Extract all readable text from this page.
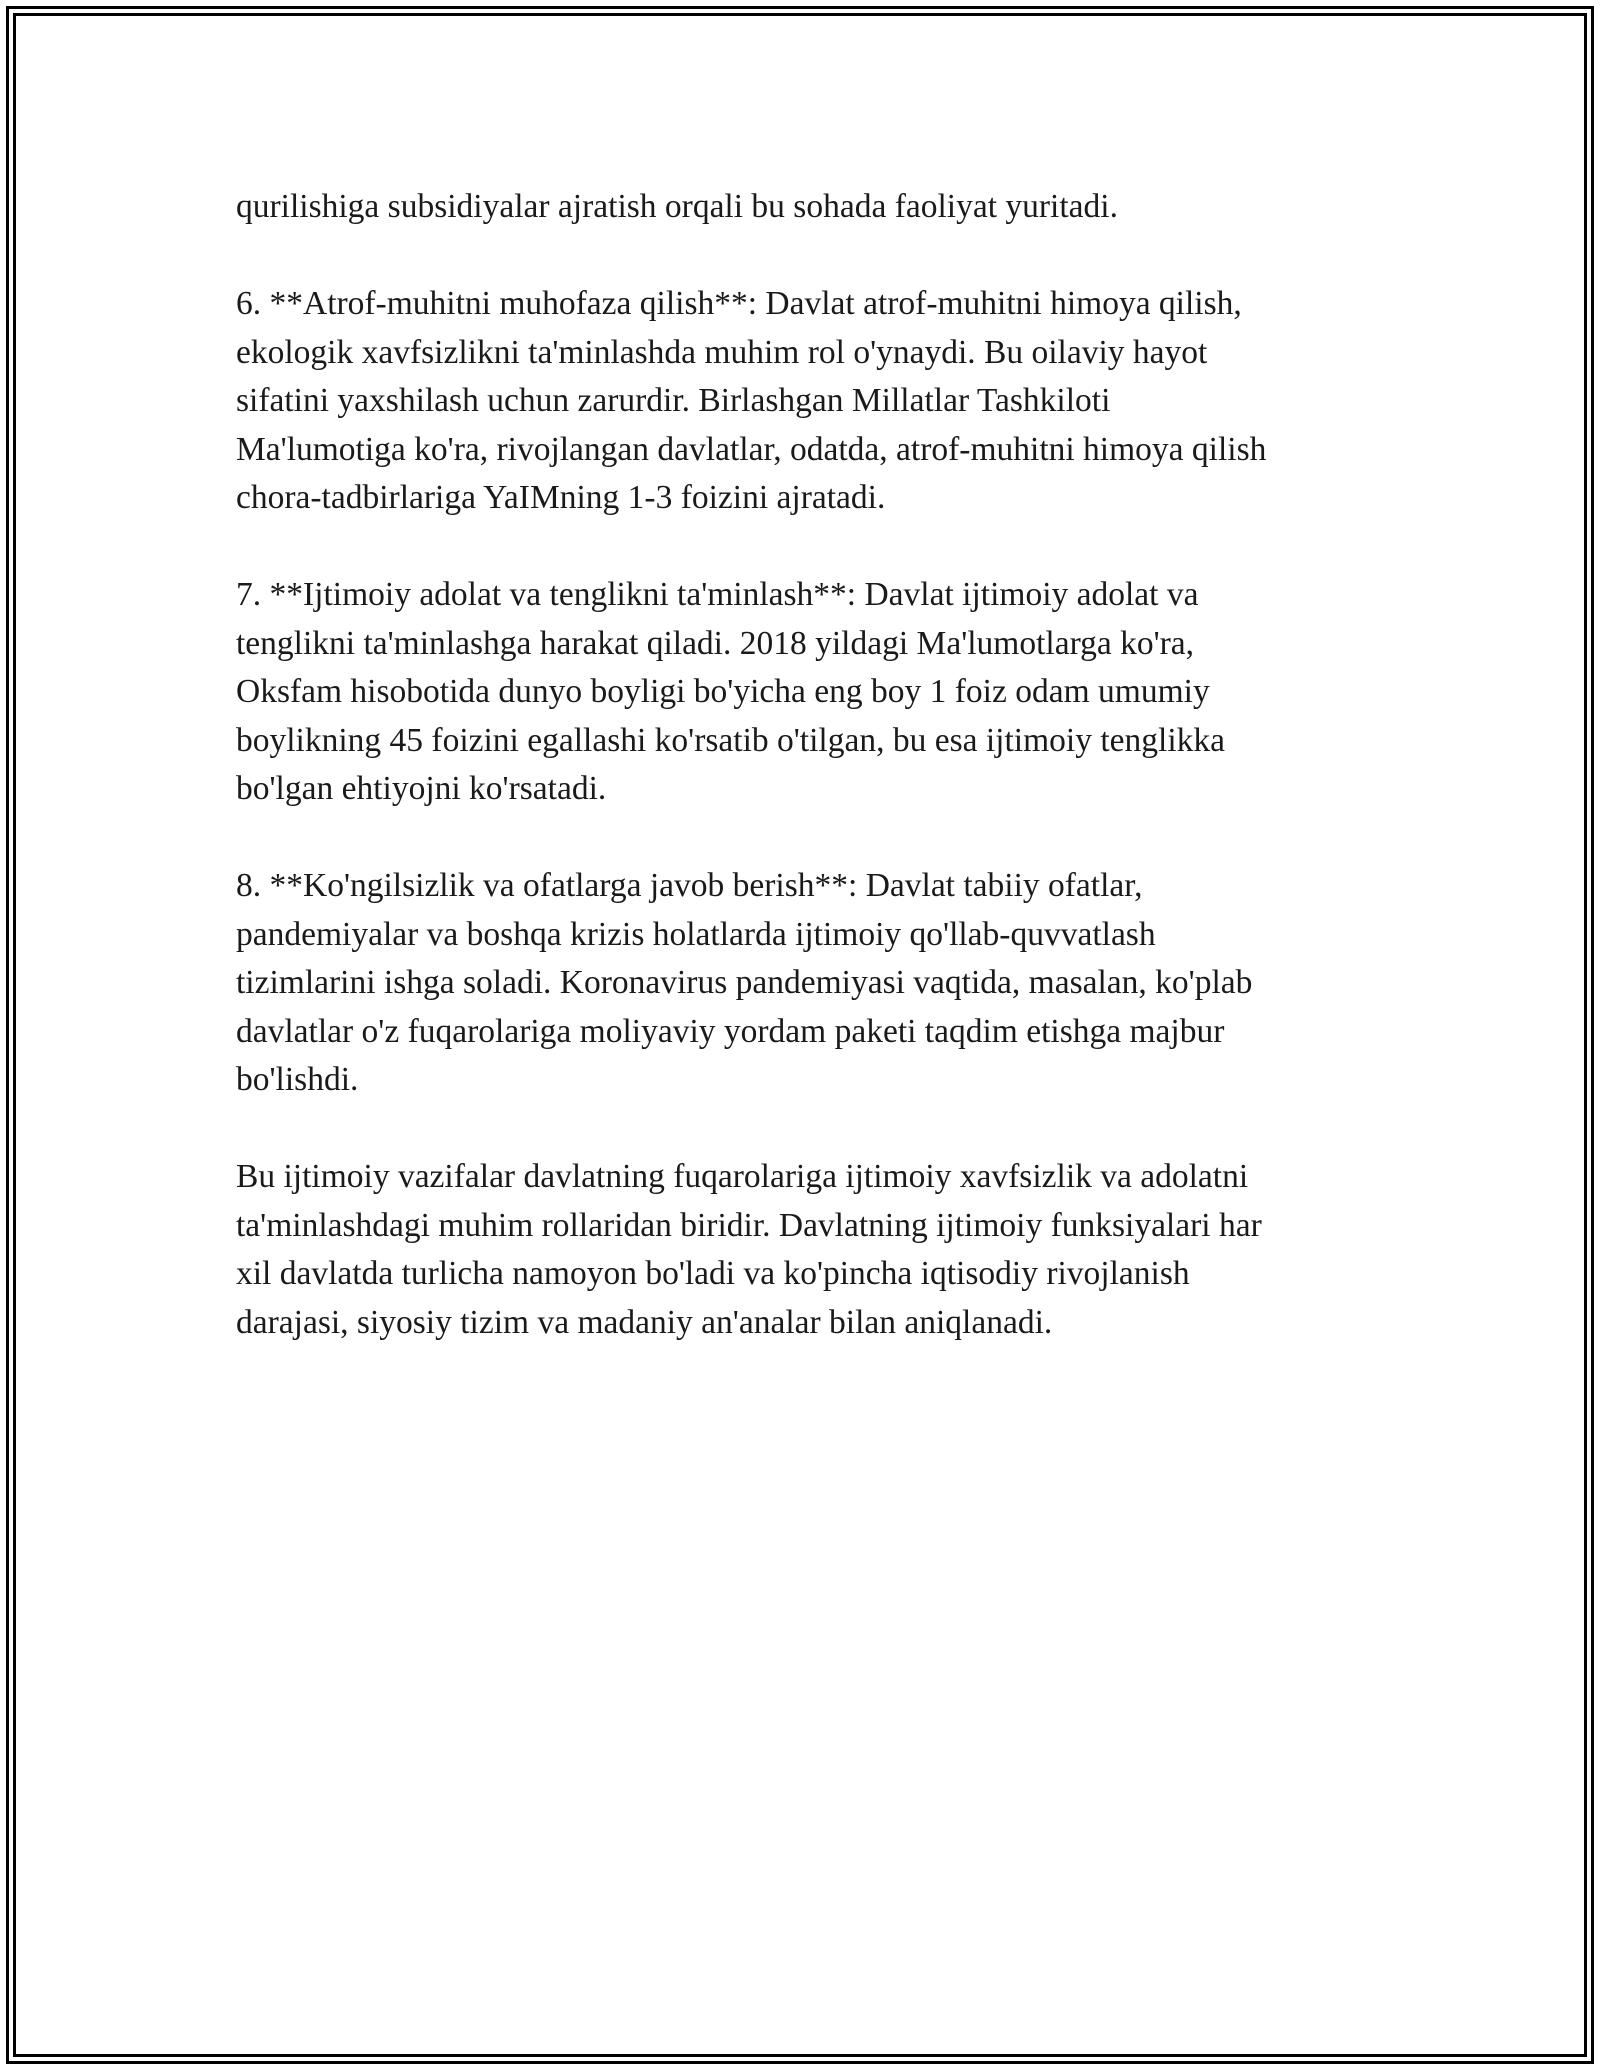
qurilishiga subsidiyalar ajratish orqali bu sohada faoliyat yuritadi.

6. **Atrof-muhitni muhofaza qilish**: Davlat atrof-muhitni himoya qilish,
ekologik xavfsizlikni ta'minlashda muhim rol o'ynaydi. Bu oilaviy hayot
sifatini yaxshilash uchun zarurdir. Birlashgan Millatlar Tashkiloti
Ma'lumotiga ko'ra, rivojlangan davlatlar, odatda, atrof-muhitni himoya qilish
chora-tadbirlariga YaIMning 1-3 foizini ajratadi.

7. **Ijtimoiy adolat va tenglikni ta'minlash**: Davlat ijtimoiy adolat va
tenglikni ta'minlashga harakat qiladi. 2018 yildagi Ma'lumotlarga ko'ra,
Oksfam hisobotida dunyo boyligi bo'yicha eng boy 1 foiz odam umumiy
boylikning 45 foizini egallashi ko'rsatib o'tilgan, bu esa ijtimoiy tenglikka
bo'lgan ehtiyojni ko'rsatadi.

8. **Ko'ngilsizlik va ofatlarga javob berish**: Davlat tabiiy ofatlar,
pandemiyalar va boshqa krizis holatlarda ijtimoiy qo'llab-quvvatlash
tizimlarini ishga soladi. Koronavirus pandemiyasi vaqtida, masalan, ko'plab
davlatlar o'z fuqarolariga moliyaviy yordam paketi taqdim etishga majbur
bo'lishdi.

Bu ijtimoiy vazifalar davlatning fuqarolariga ijtimoiy xavfsizlik va adolatni
ta'minlashdagi muhim rollaridan biridir. Davlatning ijtimoiy funksiyalari har
xil davlatda turlicha namoyon bo'ladi va ko'pincha iqtisodiy rivojlanish
darajasi, siyosiy tizim va madaniy an'analar bilan aniqlanadi.
